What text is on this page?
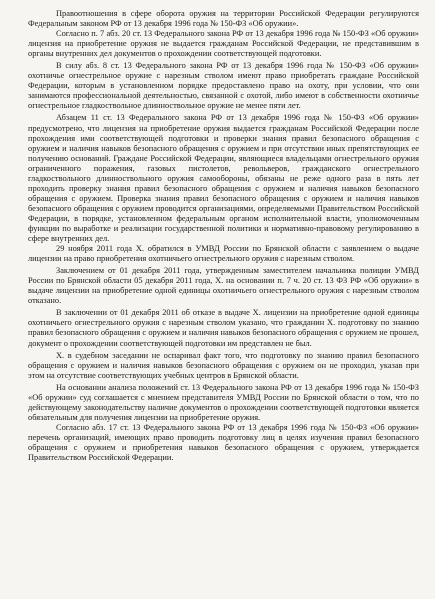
Правоотношения в сфере оборота оружия на территории Российской Федерации регулируются Федеральным законом РФ от 13 декабря 1996 года № 150-ФЗ «Об оружии».

Согласно п. 7 абз. 20 ст. 13 Федерального закона РФ от 13 декабря 1996 года № 150-ФЗ «Об оружии» лицензия на приобретение оружия не выдается гражданам Российской Федерации, не представившим в органы внутренних дел документов о прохождении соответствующей подготовки.

В силу абз. 8 ст. 13 Федерального закона РФ от 13 декабря 1996 года № 150-ФЗ «Об оружии» охотничье огнестрельное оружие с нарезным стволом имеют право приобретать граждане Российской Федерации, которым в установленном порядке предоставлено право на охоту, при условии, что они занимаются профессиональной деятельностью, связанной с охотой, либо имеют в собственности охотничье огнестрельное гладкоствольное длинноствольное оружие не менее пяти лет.

Абзацем 11 ст. 13 Федерального закона РФ от 13 декабря 1996 года № 150-ФЗ «Об оружии» предусмотрено, что лицензия на приобретение оружия выдается гражданам Российской Федерации после прохождения ими соответствующей подготовки и проверки знания правил безопасного обращения с оружием и наличия навыков безопасного обращения с оружием и при отсутствии иных препятствующих ее получению оснований. Граждане Российской Федерации, являющиеся владельцами огнестрельного оружия ограниченного поражения, газовых пистолетов, револьверов, гражданского огнестрельного гладкоствольного длинноствольного оружия самообороны, обязаны не реже одного раза в пять лет проходить проверку знания правил безопасного обращения с оружием и наличия навыков безопасного обращения с оружием. Проверка знания правил безопасного обращения с оружием и наличия навыков безопасного обращения с оружием проводится организациями, определяемыми Правительством Российской Федерации, в порядке, установленном федеральным органом исполнительной власти, уполномоченным функции по выработке и реализации государственной политики и нормативно-правовому регулированию в сфере внутренних дел.

29 ноября 2011 года Х. обратился в УМВД России по Брянской области с заявлением о выдаче лицензии на право приобретения охотничьего огнестрельного оружия с нарезным стволом.

Заключением от 01 декабря 2011 года, утвержденным заместителем начальника полиции УМВД России по Брянской области 05 декабря 2011 года, Х. на основании п. 7 ч. 20 ст. 13 ФЗ РФ «Об оружии» в выдаче лицензии на приобретение одной единицы охотничьего огнестрельного оружия с нарезным стволом отказано.

В заключении от 01 декабря 2011 об отказе в выдаче Х. лицензии на приобретение одной единицы охотничьего огнестрельного оружия с нарезным стволом указано, что гражданин Х. подготовку по знанию правил безопасного обращения с оружием и наличия навыков безопасного обращения с оружием не прошел, документ о прохождении соответствующей подготовки им представлен не был.

Х. в судебном заседании не оспаривал факт того, что подготовку по знанию правил безопасного обращения с оружием и наличия навыков безопасного обращения с оружием он не проходил, указав при этом на отсутствие соответствующих учебных центров в Брянской области.

На основании анализа положений ст. 13 Федерального закона РФ от 13 декабря 1996 года № 150-ФЗ «Об оружии» суд соглашается с мнением представителя УМВД России по Брянской области о том, что по действующему законодательству наличие документов о прохождении соответствующей подготовки является обязательным для получения лицензии на приобретение оружия.

Согласно абз. 17 ст. 13 Федерального закона РФ от 13 декабря 1996 года № 150-ФЗ «Об оружии» перечень организаций, имеющих право проводить подготовку лиц в целях изучения правил безопасного обращения с оружием и приобретения навыков безопасного обращения с оружием, утверждается Правительством Российской Федерации.
